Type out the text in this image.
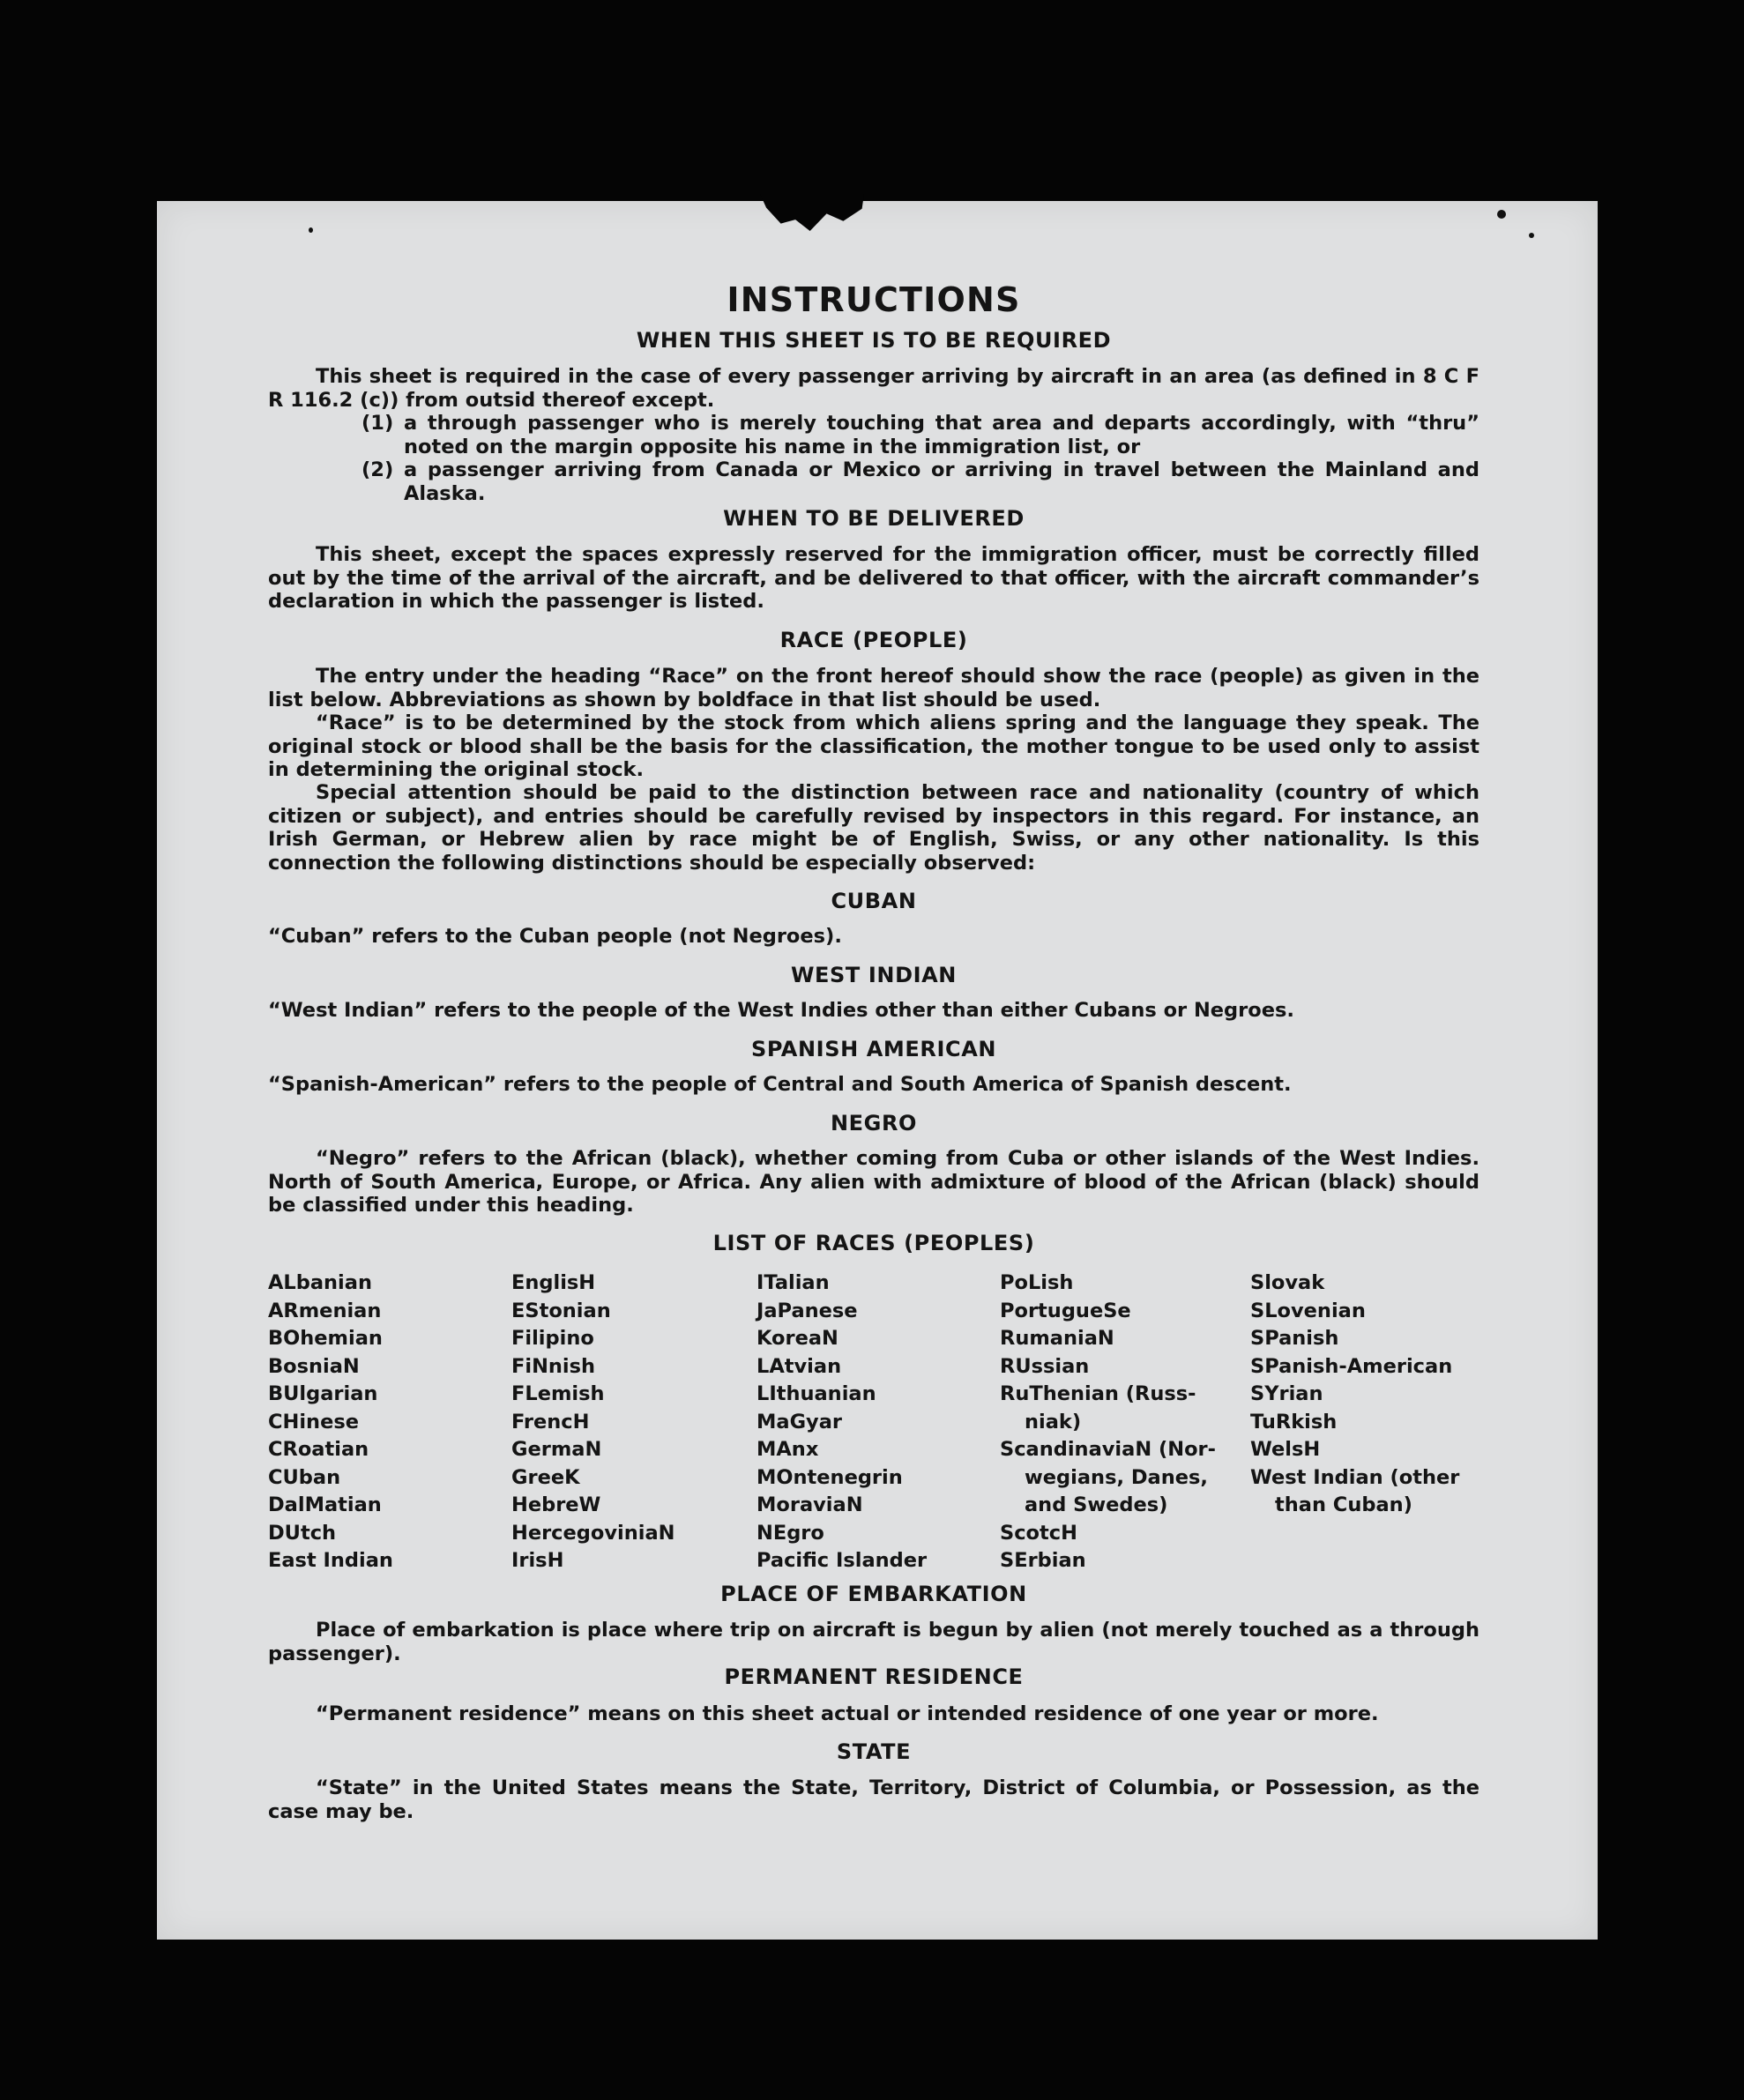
INSTRUCTIONS
WHEN THIS SHEET IS TO BE REQUIRED
This sheet is required in the case of every passenger arriving by aircraft in an area (as defined in 8 C F R 116.2 (c)) from outsid thereof except.
(1) a through passenger who is merely touching that area and departs accordingly, with “thru” noted on the margin opposite his name in the immigration list, or
(2) a passenger arriving from Canada or Mexico or arriving in travel between the Mainland and Alaska.
WHEN TO BE DELIVERED
This sheet, except the spaces expressly reserved for the immigration officer, must be correctly filled out by the time of the arrival of the aircraft, and be delivered to that officer, with the aircraft commander’s declaration in which the passenger is listed.
RACE (PEOPLE)
The entry under the heading “Race” on the front hereof should show the race (people) as given in the list below. Abbreviations as shown by boldface in that list should be used.
“Race” is to be determined by the stock from which aliens spring and the language they speak. The original stock or blood shall be the basis for the classification, the mother tongue to be used only to assist in determining the original stock.
Special attention should be paid to the distinction between race and nationality (country of which citizen or subject), and entries should be carefully revised by inspectors in this regard. For instance, an Irish German, or Hebrew alien by race might be of English, Swiss, or any other nationality. Is this connection the following distinctions should be especially observed:
CUBAN
“Cuban” refers to the Cuban people (not Negroes).
WEST INDIAN
“West Indian” refers to the people of the West Indies other than either Cubans or Negroes.
SPANISH AMERICAN
“Spanish-American” refers to the people of Central and South America of Spanish descent.
NEGRO
“Negro” refers to the African (black), whether coming from Cuba or other islands of the West Indies. North of South America, Europe, or Africa. Any alien with admixture of blood of the African (black) should be classified under this heading.
LIST OF RACES (PEOPLES)
ALbanian
ARmenian
BOhemian
BosniaN
BUlgarian
CHinese
CRoatian
CUban
DalMatian
DUtch
East Indian
EnglisH
EStonian
Filipino
FiNnish
FLemish
FrencH
GermaN
GreeK
HebreW
HercegoviniaN
IrisH
ITalian
JaPanese
KoreaN
LAtvian
LIthuanian
MaGyar
MAnx
MOntenegrin
MoraviaN
NEgro
Pacific Islander
PoLish
PortugueSe
RumaniaN
RUssian
RuThenian (Russ-
niak)
ScandinaviaN (Nor-
wegians, Danes,
and Swedes)
ScotcH
SErbian
Slovak
SLovenian
SPanish
SPanish-American
SYrian
TuRkish
WelsH
West Indian (other
than Cuban)
PLACE OF EMBARKATION
Place of embarkation is place where trip on aircraft is begun by alien (not merely touched as a through passenger).
PERMANENT RESIDENCE
“Permanent residence” means on this sheet actual or intended residence of one year or more.
STATE
“State” in the United States means the State, Territory, District of Columbia, or Possession, as the case may be.
